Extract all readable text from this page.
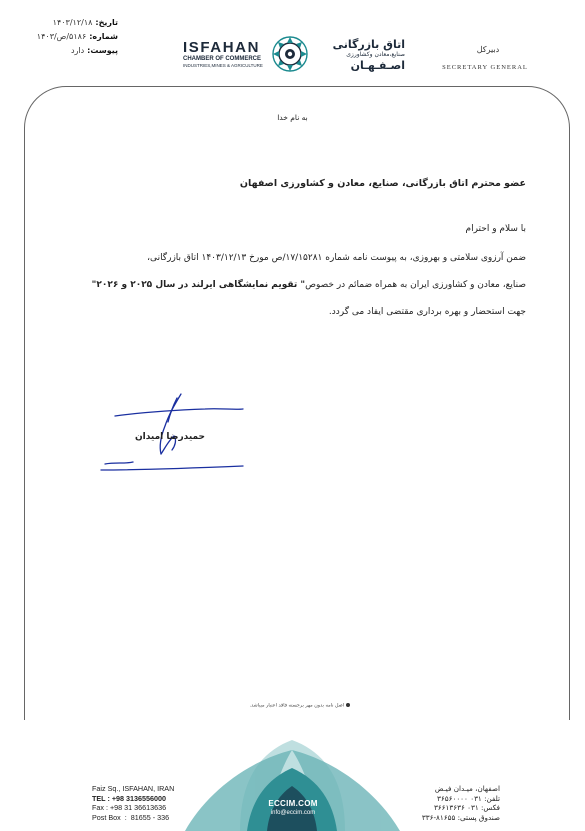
تاریخ:
۱۴۰۳/۱۲/۱۸
شماره:
۵۱۸۶/ص/۱۴۰۳
پیوست:
دارد	ISFAHAN
CHAMBER OF COMMERCE
INDUSTRIES,MINES & AGRICULTURE
اتاق بازرگانی
صنایع،معادن وکشاورزی
اصـفـهـان
دبیرکل
SECRETARY GENERAL
به نام خدا
عضو محترم اتاق بازرگانی، صنایع، معادن و کشاورزی اصفهان
با سلام و احترام
ضمن آرزوی سلامتی و بهروزی، به پیوست نامه شماره ۱۷/۱۵۲۸۱/ص مورخ ۱۴۰۳/۱۲/۱۳ اتاق بازرگانی،
صنایع، معادن و کشاورزی ایران به همراه ضمائم در خصوص" تقویم نمایشگاهی ایرلند در سال ۲۰۲۵ و ۲۰۲۶"
جهت استحضار و بهره برداری مقتضی ایفاد می گردد.
حمیدرضا امیدان
اصل نامه بدون مهر برجسته فاقد اعتبار میباشد.
ECCIM.COM
info@eccim.com
Faiz Sq., ISFAHAN, IRAN
TEL : +98 3136556000
Fax : +98 31 36613636
Post Box  :  81655 - 336
اصفهان، میـدان فیـض
تلفن: ۰۳۱ ۳۶۵۶۰۰۰۰
فکس: ۰۳۱ ۳۶۶۱۳۶۳۶
صندوق پستی: ۸۱۶۵۵-۳۳۶
